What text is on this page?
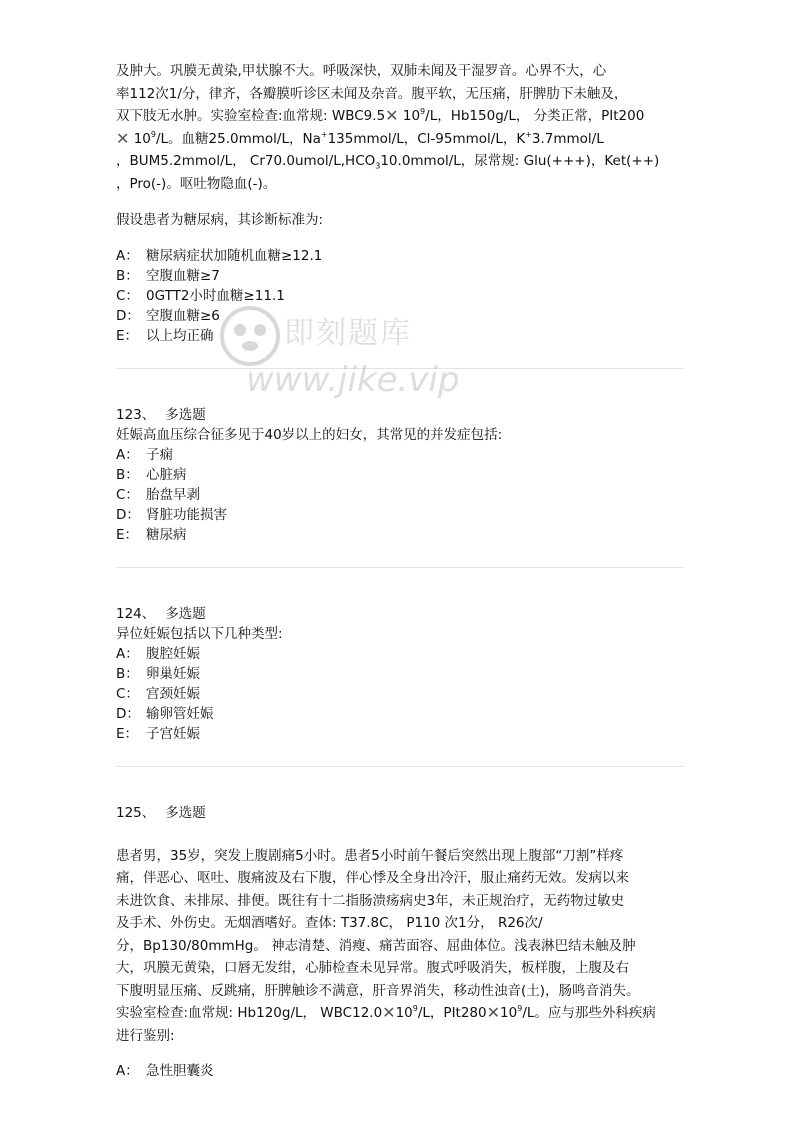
及肿大。巩膜无黄染,甲状腺不大。呼吸深快，双肺未闻及干湿罗音。心界不大，心
率112次1/分，律齐，各瓣膜听诊区未闻及杂音。腹平软，无压痛，肝脾肋下未触及，
双下肢无水肿。实验室检查:血常规: WBC9.5✕ $10^9/L$，Hb150g/L， 分类正常，PIt200
✕ $10^9/L$。血糖25.0mmol/L，Na+135mmol/L，Cl-95mmol/L，K+3.7mmol/L
，BUM5.2mmol/L， $Cr70.0umol/L,HCO_310.0mmol/L$，尿常规: Glu(+++)，Ket(++)
，Pro(-)。呕吐物隐血(-)。

假设患者为糖尿病，其诊断标准为:

A： 糖尿病症状加随机血糖≥12.1

B： 空腹血糖≥7

C： 0GTT2小时血糖≥11.1

D： 空腹血糖≥6

E： 以上均正确

123、 多选题

妊娠高血压综合征多见于40岁以上的妇女，其常见的并发症包括:

A： 子痫

B： 心脏病

C： 胎盘早剥

D： 肾脏功能损害

E： 糖尿病

124、 多选题

异位妊娠包括以下几种类型:

A： 腹腔妊娠

B： 卵巢妊娠

C： 宫颈妊娠

D： 输卵管妊娠

E： 子宫妊娠

125、 多选题

患者男，35岁，突发上腹剧痛5小时。患者5小时前午餐后突然出现上腹部“刀割”样疼
痛，伴恶心、呕吐、腹痛波及右下腹，伴心悸及全身出冷汗，服止痛药无效。发病以来
未进饮食、未排尿、排便。既往有十二指肠溃疡病史3年，未正规治疗，无药物过敏史
及手术、外伤史。无烟酒嗜好。查体: T37.8C， P110 次1分， R26次/
分，Bp130/80mmHg。 神志清楚、消瘦、痛苦面容、屈曲体位。浅表淋巴结未触及肿
大，巩膜无黄染，口唇无发绀，心肺检查未见异常。腹式呼吸消失，板样腹，上腹及右
下腹明显压痛、反跳痛，肝脾触诊不满意，肝音界消失，移动性浊音(土)，肠鸣音消失。
实验室检查:血常规: Hb120g/L， $WBC12.0✕10^9/L$，$PIt280✕10^9/L$。应与那些外科疾病
进行鉴别:

A： 急性胆囊炎

即刻题库
www.jike.vip
